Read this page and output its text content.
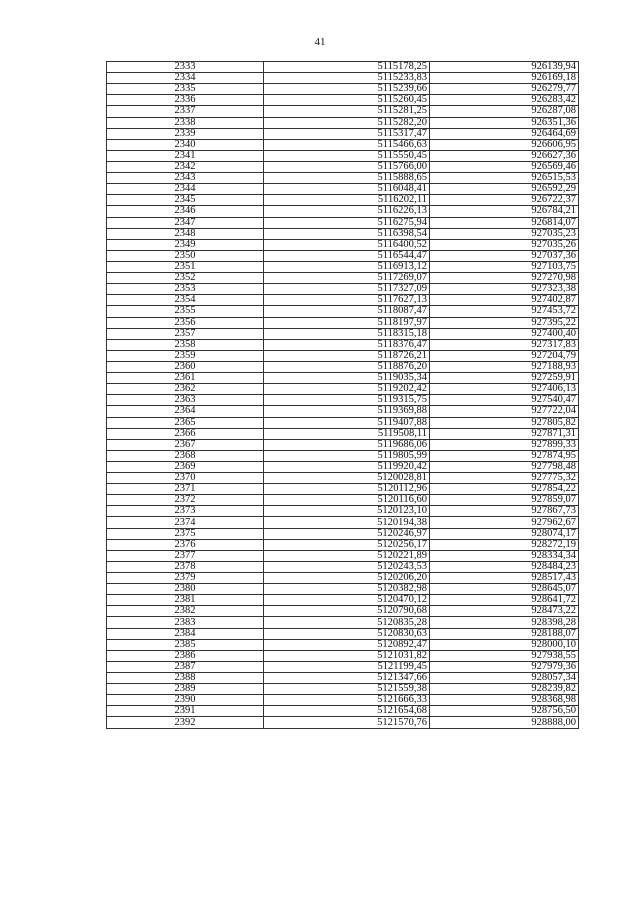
41
2333	5115178,25	926139,94
2334	5115233,83	926169,18
2335	5115239,66	926279,77
2336	5115260,45	926283,42
2337	5115281,25	926287,08
2338	5115282,20	926351,36
2339	5115317,47	926464,69
2340	5115466,63	926606,95
2341	5115550,45	926627,36
2342	5115766,00	926569,46
2343	5115888,65	926515,53
2344	5116048,41	926592,29
2345	5116202,11	926722,37
2346	5116226,13	926784,21
2347	5116275,94	926814,07
2348	5116398,54	927035,23
2349	5116400,52	927035,26
2350	5116544,47	927037,36
2351	5116913,12	927103,75
2352	5117269,07	927270,98
2353	5117327,09	927323,38
2354	5117627,13	927402,87
2355	5118087,47	927453,72
2356	5118197,97	927395,22
2357	5118315,18	927400,40
2358	5118376,47	927317,83
2359	5118726,21	927204,79
2360	5118876,20	927188,93
2361	5119035,34	927259,91
2362	5119202,42	927406,13
2363	5119315,75	927540,47
2364	5119369,88	927722,04
2365	5119407,88	927805,82
2366	5119508,11	927871,31
2367	5119686,06	927899,33
2368	5119805,99	927874,95
2369	5119920,42	927798,48
2370	5120028,81	927775,32
2371	5120112,96	927854,22
2372	5120116,60	927859,07
2373	5120123,10	927867,73
2374	5120194,38	927962,67
2375	5120246,97	928074,17
2376	5120256,17	928272,19
2377	5120221,89	928334,34
2378	5120243,53	928484,23
2379	5120206,20	928517,43
2380	5120382,98	928645,07
2381	5120470,12	928641,72
2382	5120790,68	928473,22
2383	5120835,28	928398,28
2384	5120830,63	928188,07
2385	5120892,47	928000,10
2386	5121031,82	927938,55
2387	5121199,45	927979,36
2388	5121347,66	928057,34
2389	5121559,38	928239,82
2390	5121666,33	928368,98
2391	5121654,68	928756,50
2392	5121570,76	928888,00
